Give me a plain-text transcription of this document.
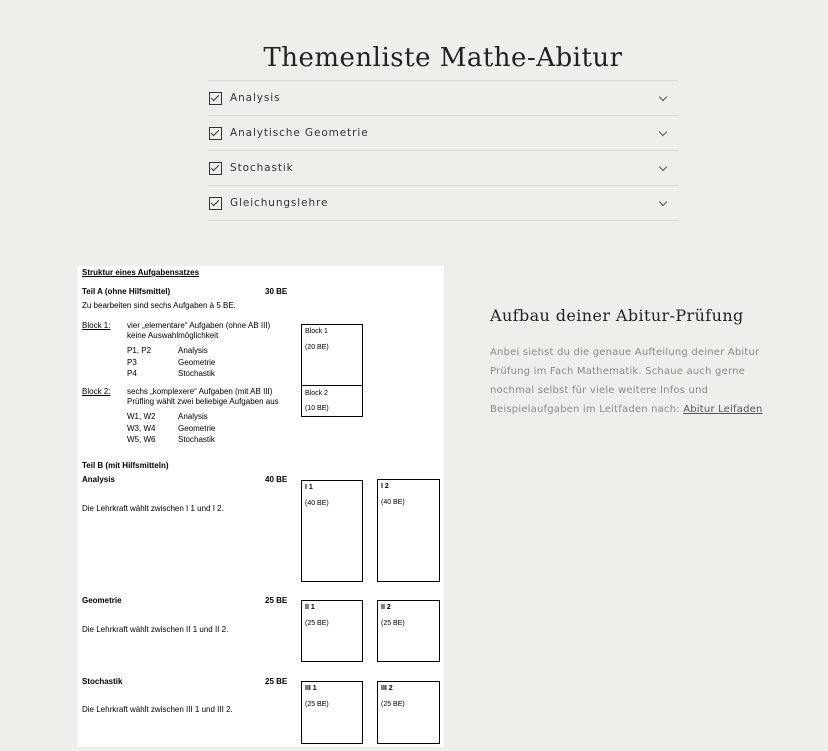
Themenliste Mathe-Abitur
Analysis
Analytische Geometrie
Stochastik
Gleichungslehre
Struktur eines Aufgabensatzes
Teil A (ohne Hilfsmittel)	30 BE
Zu bearbeiten sind sechs Aufgaben à 5 BE.
Block 1: vier „elementare“ Aufgaben (ohne AB III)
keine Auswahlmöglichkeit
P1, P2	Analysis
P3	Geometrie
P4	Stochastik
Block 1
(20 BE)
Block 2: sechs „komplexere“ Aufgaben (mit AB III)
Prüfling wählt zwei beliebige Aufgaben aus
W1, W2	Analysis
W3, W4	Geometrie
W5, W6	Stochastik
Block 2
(10 BE)
Teil B (mit Hilfsmitteln)
Analysis	40 BE
Die Lehrkraft wählt zwischen I 1 und I 2.
I 1
(40 BE)
I 2
(40 BE)
Geometrie	25 BE
Die Lehrkraft wählt zwischen II 1 und II 2.
II 1
(25 BE)
II 2
(25 BE)
Stochastik	25 BE
Die Lehrkraft wählt zwischen III 1 und III 2.
III 1
(25 BE)
III 2
(25 BE)
Aufbau deiner Abitur-Prüfung

Anbei siehst du die genaue Aufteilung deiner Abitur Prüfung im Fach Mathematik. Schaue auch gerne nochmal selbst für viele weitere Infos und Beispielaufgaben im Leitfaden nach: Abitur Leifaden
